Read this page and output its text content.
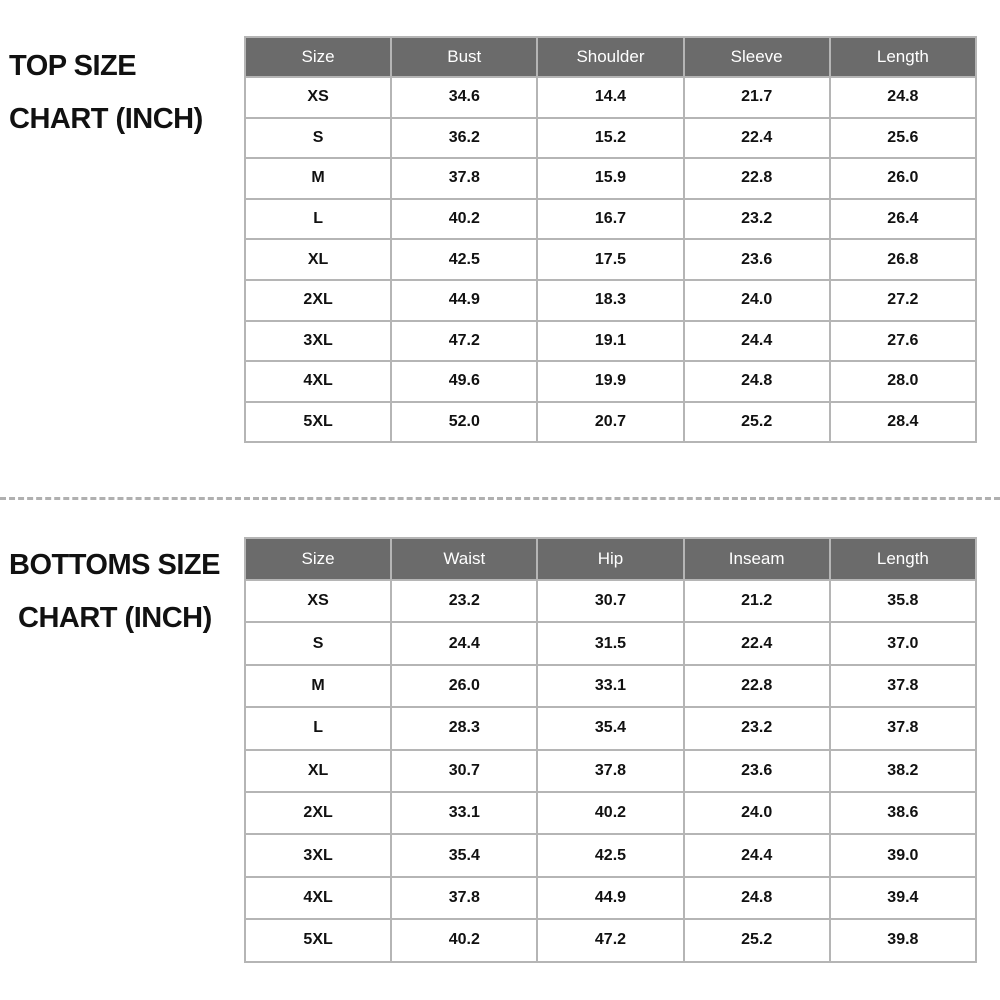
TOP SIZE
CHART (INCH)
Size	Bust	Shoulder	Sleeve	Length
XS	34.6	14.4	21.7	24.8
S	36.2	15.2	22.4	25.6
M	37.8	15.9	22.8	26.0
L	40.2	16.7	23.2	26.4
XL	42.5	17.5	23.6	26.8
2XL	44.9	18.3	24.0	27.2
3XL	47.2	19.1	24.4	27.6
4XL	49.6	19.9	24.8	28.0
5XL	52.0	20.7	25.2	28.4
BOTTOMS SIZE
CHART (INCH)
Size	Waist	Hip	Inseam	Length
XS	23.2	30.7	21.2	35.8
S	24.4	31.5	22.4	37.0
M	26.0	33.1	22.8	37.8
L	28.3	35.4	23.2	37.8
XL	30.7	37.8	23.6	38.2
2XL	33.1	40.2	24.0	38.6
3XL	35.4	42.5	24.4	39.0
4XL	37.8	44.9	24.8	39.4
5XL	40.2	47.2	25.2	39.8
